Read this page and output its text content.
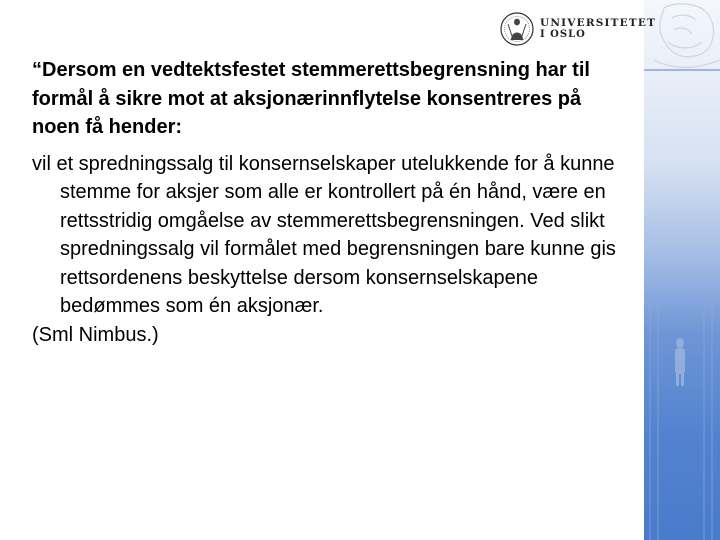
UNIVERSITETET
I OSLO

“Dersom en vedtektsfestet stemmerettsbegrensning har til formål å sikre mot at aksjonærinnflytelse konsentreres på noen få hender:

vil et spredningssalg til konsernselskaper utelukkende for å kunne stemme for aksjer som alle er kontrollert på én hånd, være en rettsstridig omgåelse av stemmerettsbegrensningen. Ved slikt spredningssalg vil formålet med begrensningen bare kunne gis rettsordenens beskyttelse dersom konsernselskapene bedømmes som én aksjonær.

(Sml Nimbus.)
